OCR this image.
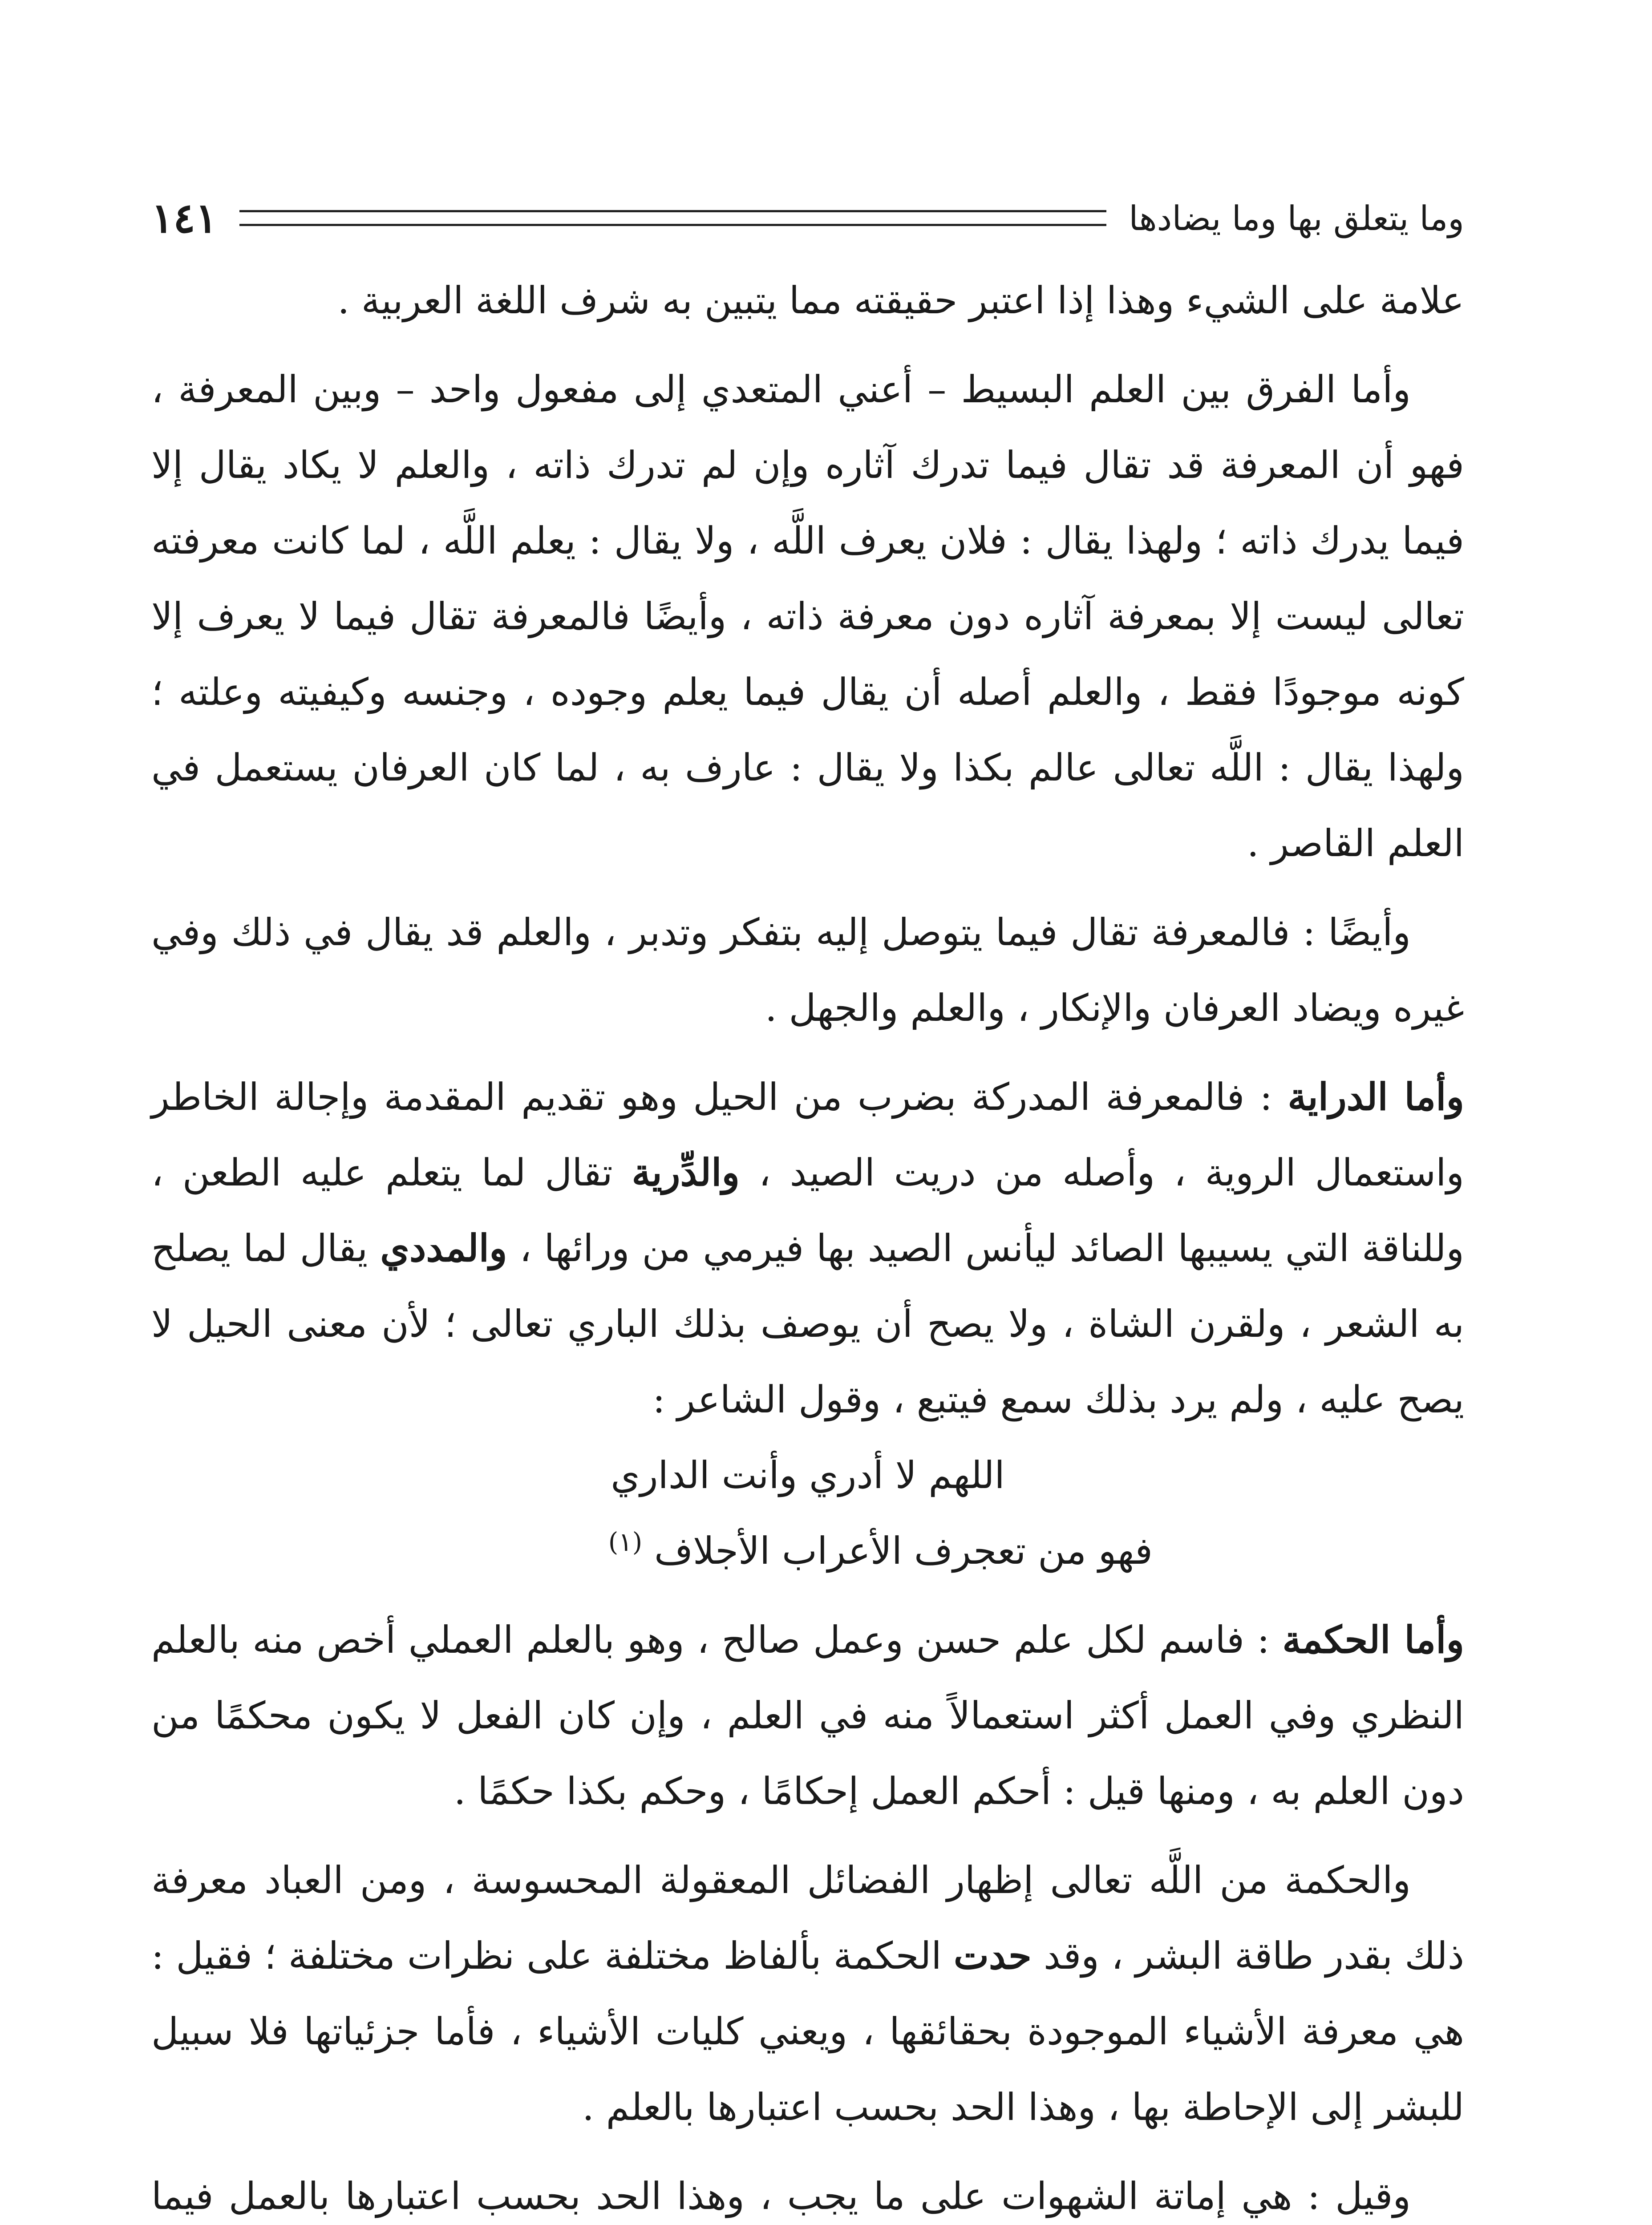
وما يتعلق بها وما يضادها
١٤١

علامة على الشيء وهذا إذا اعتبر حقيقته مما يتبين به شرف اللغة العربية .

وأما الفرق بين العلم البسيط – أعني المتعدي إلى مفعول واحد – وبين المعرفة ، فهو أن المعرفة قد تقال فيما تدرك آثاره وإن لم تدرك ذاته ، والعلم لا يكاد يقال إلا فيما يدرك ذاته ؛ ولهذا يقال : فلان يعرف اللَّه ، ولا يقال : يعلم اللَّه ، لما كانت معرفته تعالى ليست إلا بمعرفة آثاره دون معرفة ذاته ، وأيضًا فالمعرفة تقال فيما لا يعرف إلا كونه موجودًا فقط ، والعلم أصله أن يقال فيما يعلم وجوده ، وجنسه وكيفيته وعلته ؛ ولهذا يقال : اللَّه تعالى عالم بكذا ولا يقال : عارف به ، لما كان العرفان يستعمل في العلم القاصر .

وأيضًا : فالمعرفة تقال فيما يتوصل إليه بتفكر وتدبر ، والعلم قد يقال في ذلك وفي غيره ويضاد العرفان والإنكار ، والعلم والجهل .

وأما الدراية : فالمعرفة المدركة بضرب من الحيل وهو تقديم المقدمة وإجالة الخاطر واستعمال الروية ، وأصله من دريت الصيد ، والدِّرية تقال لما يتعلم عليه الطعن ، وللناقة التي يسيبها الصائد ليأنس الصيد بها فيرمي من ورائها ، والمددي يقال لما يصلح به الشعر ، ولقرن الشاة ، ولا يصح أن يوصف بذلك الباري تعالى ؛ لأن معنى الحيل لا يصح عليه ، ولم يرد بذلك سمع فيتبع ، وقول الشاعر :

اللهم لا أدري وأنت الداري

فهو من تعجرف الأعراب الأجلاف $^{(١)}$

وأما الحكمة : فاسم لكل علم حسن وعمل صالح ، وهو بالعلم العملي أخص منه بالعلم النظري وفي العمل أكثر استعمالاً منه في العلم ، وإن كان الفعل لا يكون محكمًا من دون العلم به ، ومنها قيل : أحكم العمل إحكامًا ، وحكم بكذا حكمًا .

والحكمة من اللَّه تعالى إظهار الفضائل المعقولة المحسوسة ، ومن العباد معرفة ذلك بقدر طاقة البشر ، وقد حدت الحكمة بألفاظ مختلفة على نظرات مختلفة ؛ فقيل : هي معرفة الأشياء الموجودة بحقائقها ، ويعني كليات الأشياء ، فأما جزئياتها فلا سبيل للبشر إلى الإحاطة بها ، وهذا الحد بحسب اعتبارها بالعلم .

وقيل : هي إماتة الشهوات على ما يجب ، وهذا الحد بحسب اعتبارها بالعمل فيما
